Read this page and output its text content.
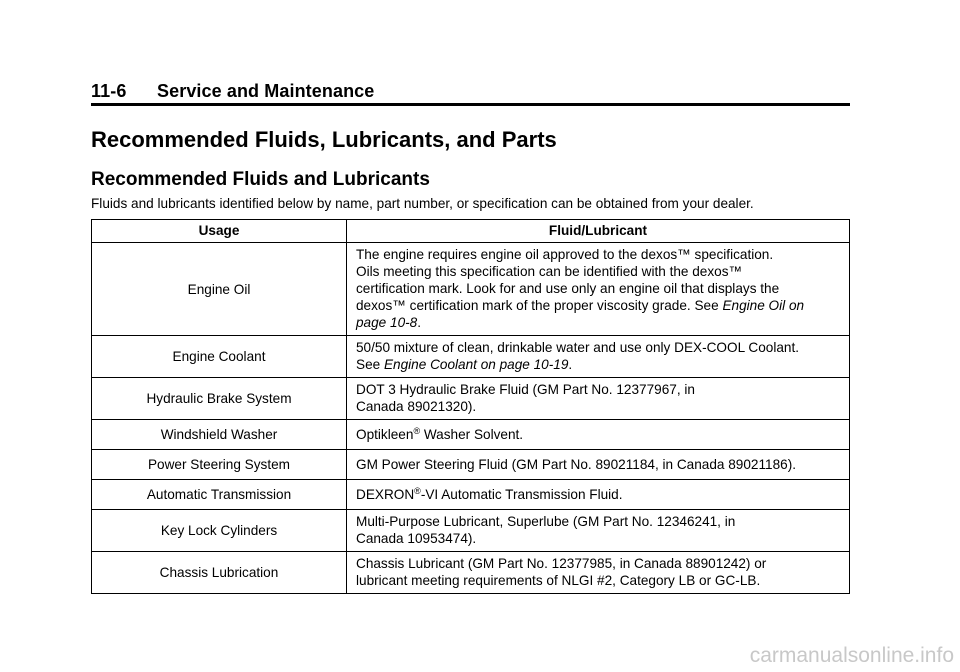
11-6 Service and Maintenance
Recommended Fluids, Lubricants, and Parts
Recommended Fluids and Lubricants
Fluids and lubricants identified below by name, part number, or specification can be obtained from your dealer.
Usage	Fluid/Lubricant
Engine Oil	The engine requires engine oil approved to the dexos™ specification.
Oils meeting this specification can be identified with the dexos™
certification mark. Look for and use only an engine oil that displays the
dexos™ certification mark of the proper viscosity grade. See Engine Oil on
page 10-8.
Engine Coolant	50/50 mixture of clean, drinkable water and use only DEX-COOL Coolant.
See Engine Coolant on page 10-19.
Hydraulic Brake System	DOT 3 Hydraulic Brake Fluid (GM Part No. 12377967, in
Canada 89021320).
Windshield Washer	Optikleen® Washer Solvent.
Power Steering System	GM Power Steering Fluid (GM Part No. 89021184, in Canada 89021186).
Automatic Transmission	DEXRON®-VI Automatic Transmission Fluid.
Key Lock Cylinders	Multi-Purpose Lubricant, Superlube (GM Part No. 12346241, in
Canada 10953474).
Chassis Lubrication	Chassis Lubricant (GM Part No. 12377985, in Canada 88901242) or
lubricant meeting requirements of NLGI #2, Category LB or GC-LB.
carmanualsonline.info
